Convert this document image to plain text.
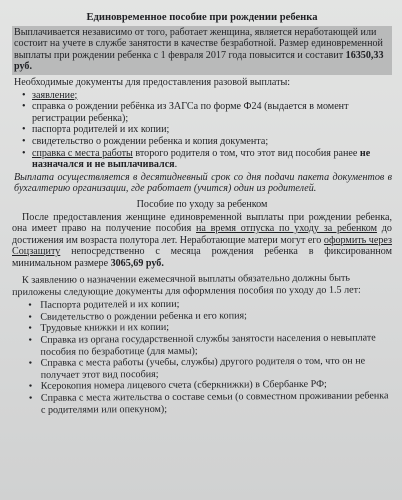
Единовременное пособие при рождении ребенка
Выплачивается независимо от того, работает женщина, является неработающей или состоит на учете в службе занятости в качестве безработной. Размер единовременной выплаты при рождении ребенка с 1 февраля 2017 года повысится и составит 16350,33 руб.
Необходимые документы для предоставления разовой выплаты:
• заявление;
• справка о рождении ребёнка из ЗАГСа по форме Ф24 (выдается в момент регистрации ребенка);
• паспорта родителей и их копии;
• свидетельство о рождении ребенка и копия документа;
• справка с места работы второго родителя о том, что этот вид пособия ранее не назначался и не выплачивался.
Выплата осуществляется в десятидневный срок со дня подачи пакета документов в бухгалтерию организации, где работает (учится) один из родителей.
Пособие по уходу за ребенком
После предоставления женщине единовременной выплаты при рождении ребенка, она имеет право на получение пособия на время отпуска по уходу за ребенком до достижения им возраста полутора лет. Неработающие матери могут его оформить через Соцзащиту непосредственно с месяца рождения ребенка в фиксированном минимальном размере 3065,69 руб.
К заявлению о назначении ежемесячной выплаты обязательно должны быть приложены следующие документы для оформления пособия по уходу до 1.5 лет:
• Паспорта родителей и их копии;
• Свидетельство о рождении ребенка и его копия;
• Трудовые книжки и их копии;
• Справка из органа государственной службы занятости населения о невыплате пособия по безработице (для мамы);
• Справка с места работы (учебы, службы) другого родителя о том, что он не получает этот вид пособия;
• Ксерокопия номера лицевого счета (сберкнижки) в Сбербанке РФ;
• Справка с места жительства о составе семьи (о совместном проживании ребенка с родителями или опекуном);
